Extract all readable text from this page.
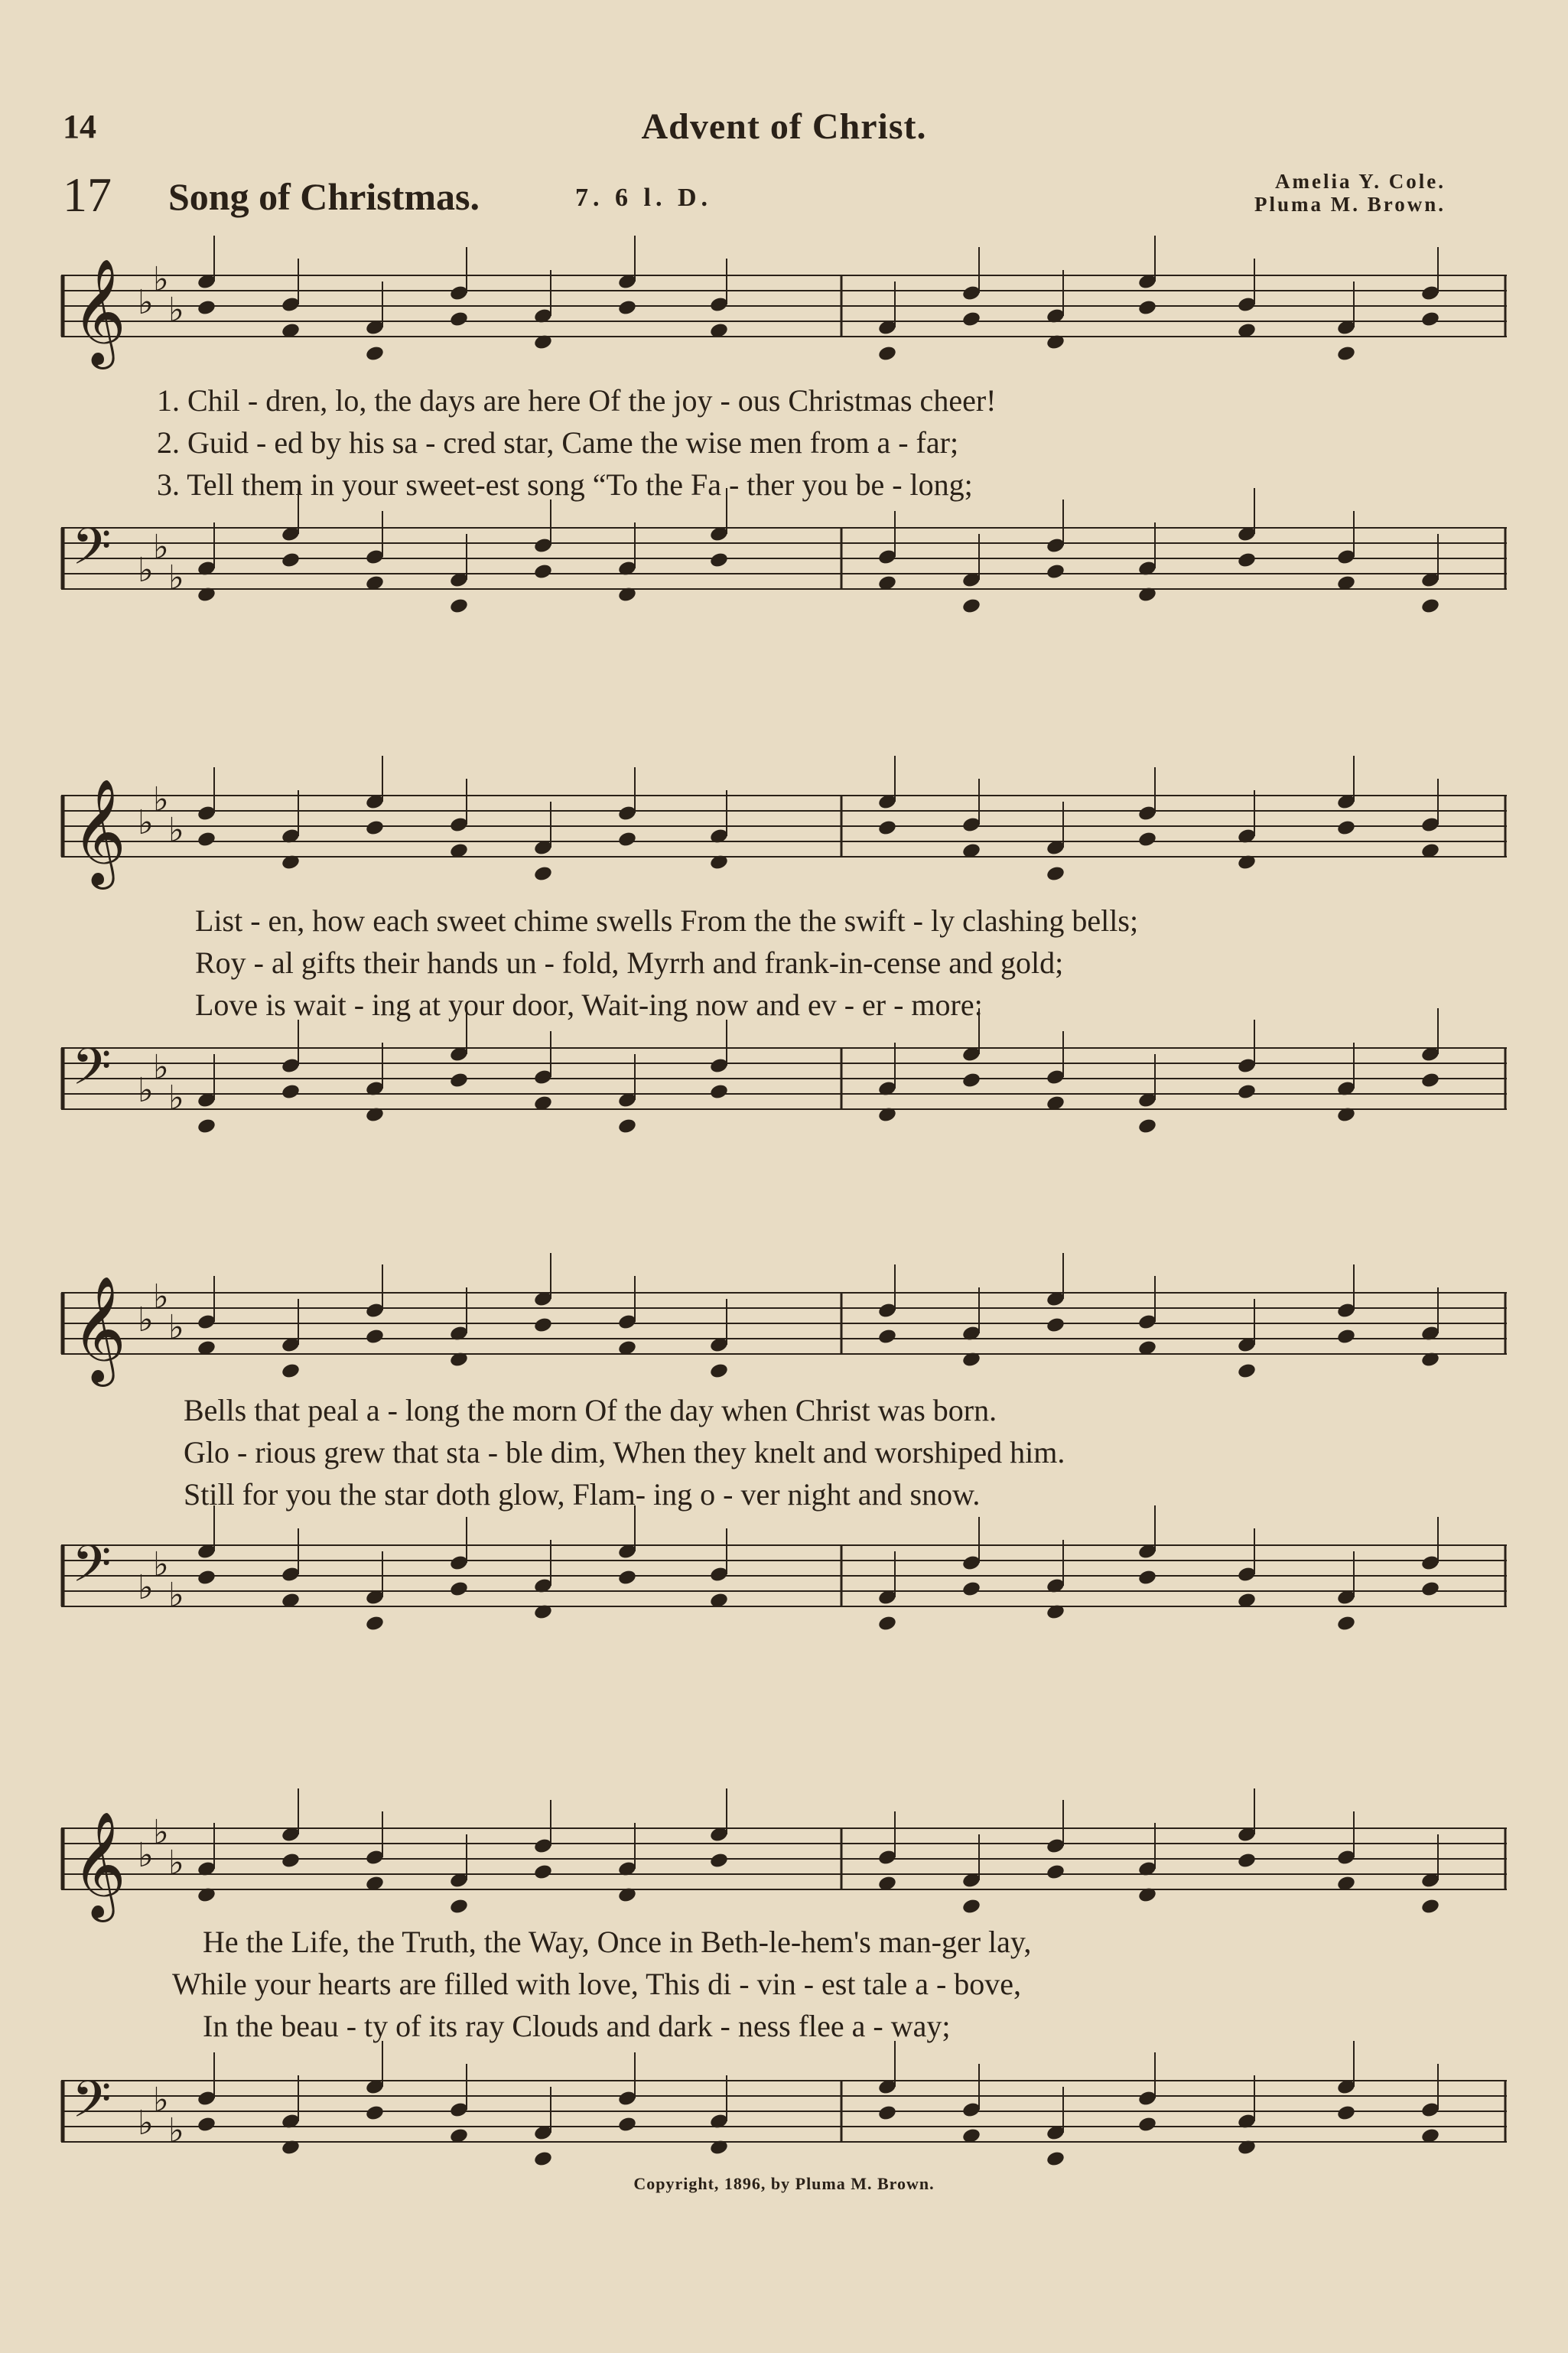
14	Advent of Christ.
17 Song of Christmas.	7. 6 l. D.
Amelia Y. Cole.
Pluma M. Brown.
𝄞 ♭
♭
♭
1. Chil - dren, lo, the days are here Of the joy - ous Christmas cheer!
2. Guid - ed by his sa - cred star, Came the wise men from a - far;
3. Tell them in your sweet-est song “To the Fa - ther you be - long;
𝄢 ♭
♭
♭
𝄞 ♭
♭
♭
List - en, how each sweet chime swells From the the swift - ly clashing bells;
Roy - al gifts their hands un - fold, Myrrh and frank-in-cense and gold;
Love is wait - ing at your door, Wait-ing now and ev - er - more:
𝄢 ♭
♭
♭
𝄞 ♭
♭
♭
Bells that peal a - long the morn Of the day when Christ was born.
Glo - rious grew that sta - ble dim, When they knelt and worshiped him.
Still for you the star doth glow, Flam- ing o - ver night and snow.
𝄢 ♭
♭
♭
𝄞 ♭
♭
♭
He the Life, the Truth, the Way, Once in Beth-le-hem's man-ger lay,
While your hearts are filled with love, This di - vin - est tale a - bove,
In the beau - ty of its ray Clouds and dark - ness flee a - way;
𝄢 ♭
♭
♭
Copyright, 1896, by Pluma M. Brown.
